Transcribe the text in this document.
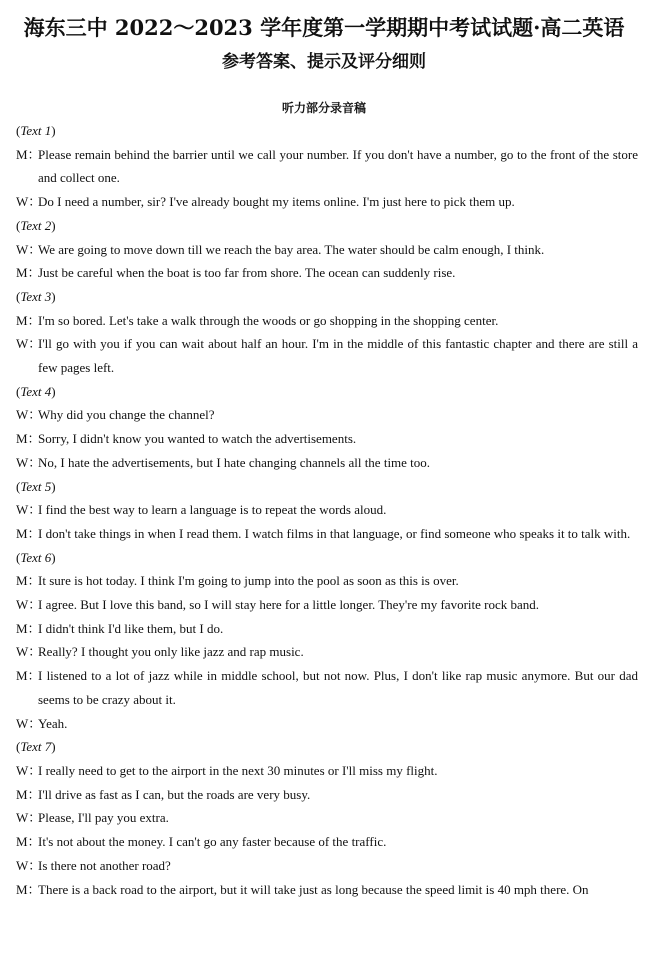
海东三中 2022～2023 学年度第一学期期中考试试题·高二英语
参考答案、提示及评分细则
听力部分录音稿
(Text 1)
M：
Please remain behind the barrier until we call your number. If you don't have a number, go to the front of the store and collect one.
W：
Do I need a number, sir? I've already bought my items online. I'm just here to pick them up.
(Text 2)
W：
We are going to move down till we reach the bay area. The water should be calm enough, I think.
M：
Just be careful when the boat is too far from shore. The ocean can suddenly rise.
(Text 3)
M：
I'm so bored. Let's take a walk through the woods or go shopping in the shopping center.
W：
I'll go with you if you can wait about half an hour. I'm in the middle of this fantastic chapter and there are still a few pages left.
(Text 4)
W：
Why did you change the channel?
M：
Sorry, I didn't know you wanted to watch the advertisements.
W：
No, I hate the advertisements, but I hate changing channels all the time too.
(Text 5)
W：
I find the best way to learn a language is to repeat the words aloud.
M：
I don't take things in when I read them. I watch films in that language, or find someone who speaks it to talk with.
(Text 6)
M：
It sure is hot today. I think I'm going to jump into the pool as soon as this is over.
W：
I agree. But I love this band, so I will stay here for a little longer. They're my favorite rock band.
M：
I didn't think I'd like them, but I do.
W：
Really? I thought you only like jazz and rap music.
M：
I listened to a lot of jazz while in middle school, but not now. Plus, I don't like rap music anymore. But our dad seems to be crazy about it.
W：
Yeah.
(Text 7)
W：
I really need to get to the airport in the next 30 minutes or I'll miss my flight.
M：
I'll drive as fast as I can, but the roads are very busy.
W：
Please, I'll pay you extra.
M：
It's not about the money. I can't go any faster because of the traffic.
W：
Is there not another road?
M：
There is a back road to the airport, but it will take just as long because the speed limit is 40 mph there. On
